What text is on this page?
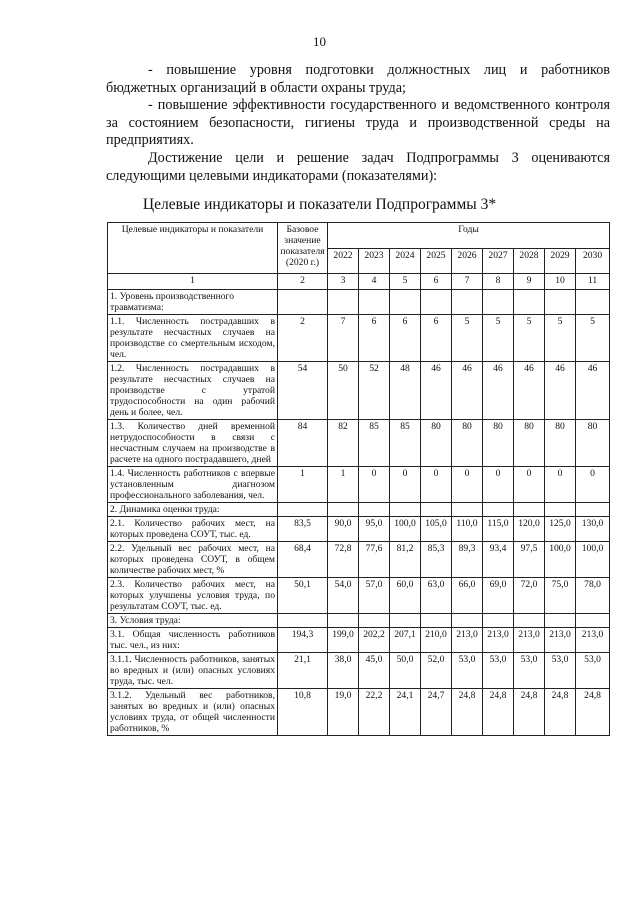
10

- повышение уровня подготовки должностных лиц и работников бюджетных организаций в области охраны труда;

- повышение эффективности государственного и ведомственного контроля за состоянием безопасности, гигиены труда и производственной среды на предприятиях.

Достижение цели и решение задач Подпрограммы 3 оцениваются следующими целевыми индикаторами (показателями):

Целевые индикаторы и показатели Подпрограммы 3*
Целевые индикаторы и показатели	Базовое значение показателя (2020 г.)	Годы								
		2022	2023	2024	2025	2026	2027	2028	2029	2030
1	2	3	4	5	6	7	8	9	10	11
1. Уровень производственного травматизма:										
1.1. Численность пострадавших в результате несчастных случаев на производстве со смертельным исходом, чел.	2	7	6	6	6	5	5	5	5	5
1.2. Численность пострадавших в результате несчастных случаев на производстве с утратой трудоспособности на один рабочий день и более, чел.	54	50	52	48	46	46	46	46	46	46
1.3. Количество дней временной нетрудоспособности в связи с несчастным случаем на производстве в расчете на одного пострадавшего, дней	84	82	85	85	80	80	80	80	80	80
1.4. Численность работников с впервые установленным диагнозом профессионального заболевания, чел.	1	1	0	0	0	0	0	0	0	0
2. Динамика оценки труда:										
2.1. Количество рабочих мест, на которых проведена СОУТ, тыс. ед.	83,5	90,0	95,0	100,0	105,0	110,0	115,0	120,0	125,0	130,0
2.2. Удельный вес рабочих мест, на которых проведена СОУТ, в общем количестве рабочих мест, %	68,4	72,8	77,6	81,2	85,3	89,3	93,4	97,5	100,0	100,0
2.3. Количество рабочих мест, на которых улучшены условия труда, по результатам СОУТ, тыс. ед.	50,1	54,0	57,0	60,0	63,0	66,0	69,0	72,0	75,0	78,0
3. Условия труда:										
3.1. Общая численность работников тыс. чел., из них:	194,3	199,0	202,2	207,1	210,0	213,0	213,0	213,0	213,0	213,0
3.1.1. Численность работников, занятых во вредных и (или) опасных условиях труда, тыс. чел.	21,1	38,0	45,0	50,0	52,0	53,0	53,0	53,0	53,0	53,0
3.1.2. Удельный вес работников, занятых во вредных и (или) опасных условиях труда, от общей численности работников, %	10,8	19,0	22,2	24,1	24,7	24,8	24,8	24,8	24,8	24,8
